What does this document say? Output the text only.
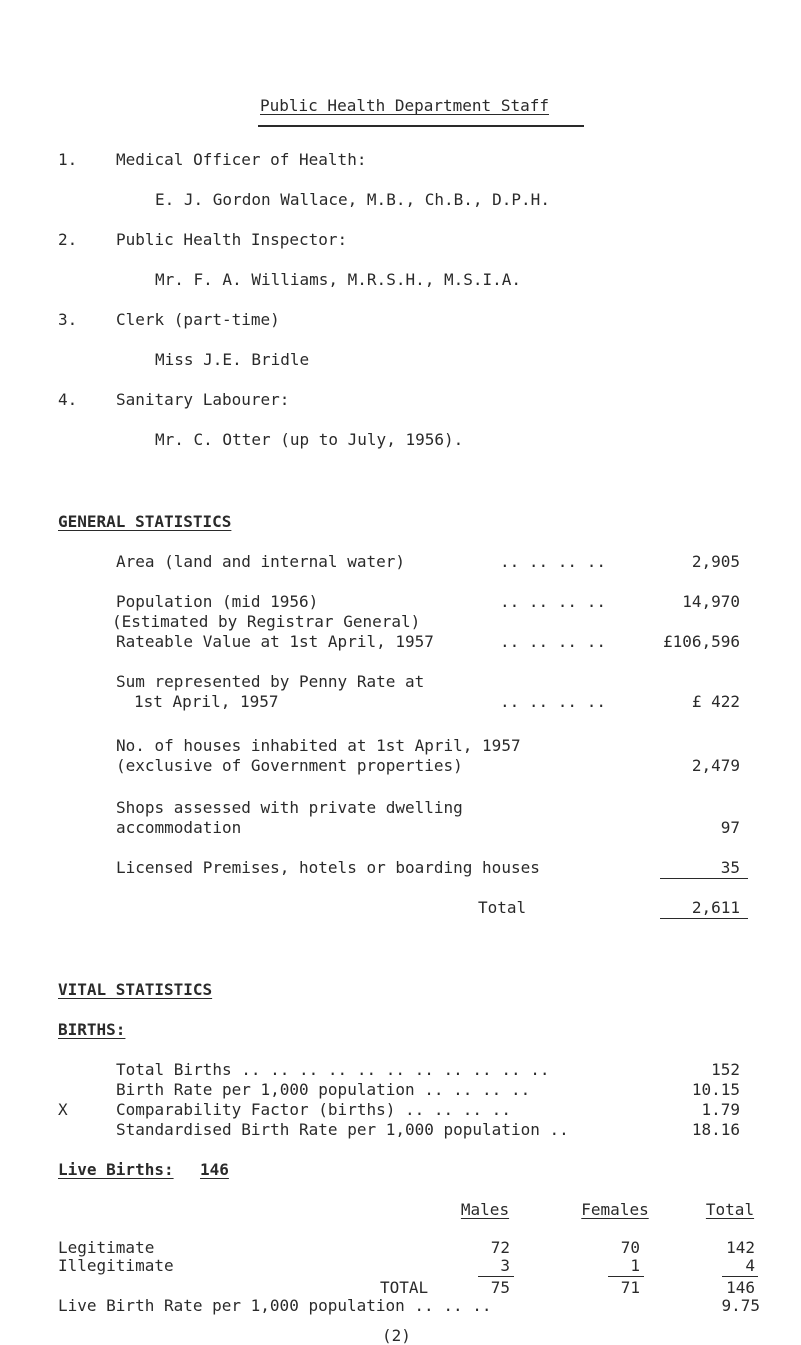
Public Health Department Staff
1. Medical Officer of Health:
E. J. Gordon Wallace, M.B., Ch.B., D.P.H.
2. Public Health Inspector:
Mr. F. A. Williams, M.R.S.H., M.S.I.A.
3. Clerk (part-time)
Miss J.E. Bridle
4. Sanitary Labourer:
Mr. C. Otter (up to July, 1956).
GENERAL STATISTICS
Area (land and internal water)	.. .. .. ..	2,905
Population (mid 1956)	.. .. .. ..	14,970
(Estimated by Registrar General)
Rateable Value at 1st April, 1957	.. .. .. ..	£106,596
Sum represented by Penny Rate at
1st April, 1957	.. .. .. ..	£ 422
No. of houses inhabited at 1st April, 1957
(exclusive of Government properties)	2,479
Shops assessed with private dwelling
accommodation	97
Licensed Premises, hotels or boarding houses	35
Total	2,611
VITAL STATISTICS
BIRTHS:
Total Births .. .. .. .. .. .. .. .. .. .. ..	152
Birth Rate per 1,000 population .. .. .. ..	10.15
X	Comparability Factor (births) .. .. .. ..	1.79
Standardised Birth Rate per 1,000 population ..	18.16
Live Births: 146
Males	Females	Total
Legitimate	72	70	142
Illegitimate	3	1	4
TOTAL	75	71	146
Live Birth Rate per 1,000 population .. .. ..	9.75
(2)
